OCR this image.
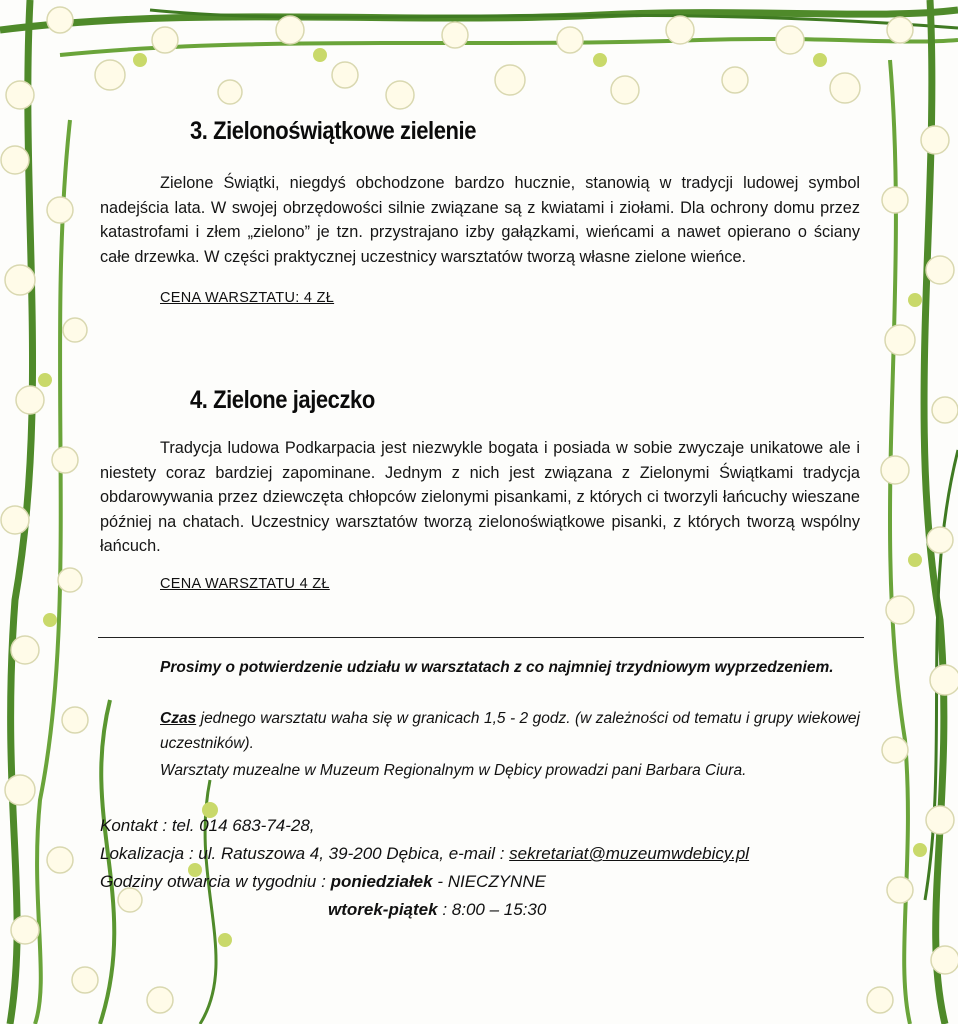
3. Zielonoświątkowe zielenie

Zielone Świątki, niegdyś obchodzone bardzo hucznie, stanowią w tradycji ludowej symbol nadejścia lata. W swojej obrzędowości silnie związane są z kwiatami i ziołami. Dla ochrony domu przez katastrofami i złem „zielono” je tzn. przystrajano izby gałązkami, wieńcami a nawet opierano o ściany całe drzewka. W części praktycznej uczestnicy warsztatów tworzą własne zielone wieńce.

CENA WARSZTATU: 4 ZŁ

4. Zielone jajeczko

Tradycja ludowa Podkarpacia jest niezwykle bogata i posiada w sobie zwyczaje unikatowe ale i niestety coraz bardziej zapominane. Jednym z nich jest związana z Zielonymi Świątkami tradycja obdarowywania przez dziewczęta chłopców zielonymi pisankami, z których ci tworzyli łańcuchy wieszane później na chatach. Uczestnicy warsztatów tworzą zielonoświątkowe pisanki, z których tworzą wspólny łańcuch.

CENA WARSZTATU 4 ZŁ

Prosimy o potwierdzenie udziału w warsztatach z co najmniej trzydniowym wyprzedzeniem.

Czas jednego warsztatu waha się w granicach 1,5 - 2 godz. (w zależności od tematu i grupy wiekowej uczestników).

Warsztaty muzealne w Muzeum Regionalnym w Dębicy prowadzi pani Barbara Ciura.

Kontakt : tel. 014 683-74-28,

Lokalizacja : ul. Ratuszowa 4, 39-200 Dębica, e-mail : sekretariat@muzeumwdebicy.pl

Godziny otwarcia w tygodniu : poniedziałek - NIECZYNNE

wtorek-piątek : 8:00 – 15:30
